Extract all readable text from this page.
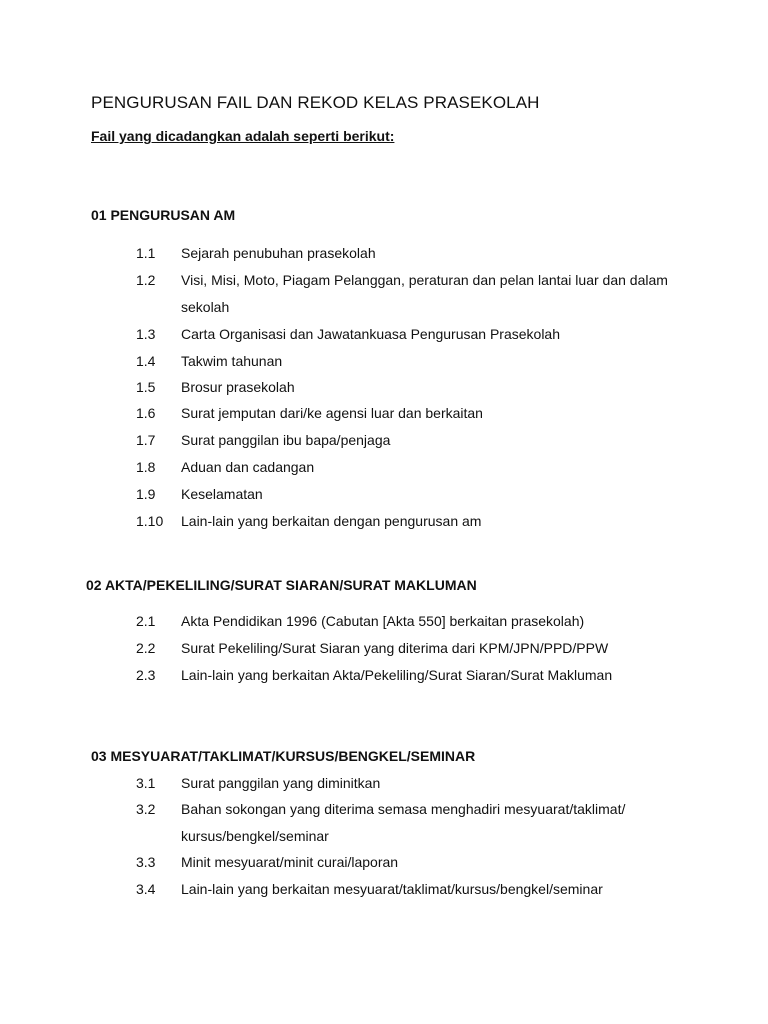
PENGURUSAN FAIL DAN REKOD KELAS PRASEKOLAH
Fail yang dicadangkan adalah seperti berikut:
01 PENGURUSAN AM
1.1 Sejarah penubuhan prasekolah
1.2 Visi, Misi, Moto, Piagam Pelanggan, peraturan dan pelan lantai luar dan dalam sekolah
1.3 Carta Organisasi dan Jawatankuasa Pengurusan Prasekolah
1.4 Takwim tahunan
1.5 Brosur prasekolah
1.6 Surat jemputan dari/ke agensi luar dan berkaitan
1.7 Surat panggilan ibu bapa/penjaga
1.8 Aduan dan cadangan
1.9 Keselamatan
1.10 Lain-lain yang berkaitan dengan pengurusan am
02 AKTA/PEKELILING/SURAT SIARAN/SURAT MAKLUMAN
2.1 Akta Pendidikan 1996 (Cabutan [Akta 550] berkaitan prasekolah)
2.2 Surat Pekeliling/Surat Siaran yang diterima dari KPM/JPN/PPD/PPW
2.3 Lain-lain yang berkaitan Akta/Pekeliling/Surat Siaran/Surat Makluman
03 MESYUARAT/TAKLIMAT/KURSUS/BENGKEL/SEMINAR
3.1 Surat panggilan yang diminitkan
3.2 Bahan sokongan yang diterima semasa menghadiri mesyuarat/taklimat/ kursus/bengkel/seminar
3.3 Minit mesyuarat/minit curai/laporan
3.4 Lain-lain yang berkaitan mesyuarat/taklimat/kursus/bengkel/seminar
